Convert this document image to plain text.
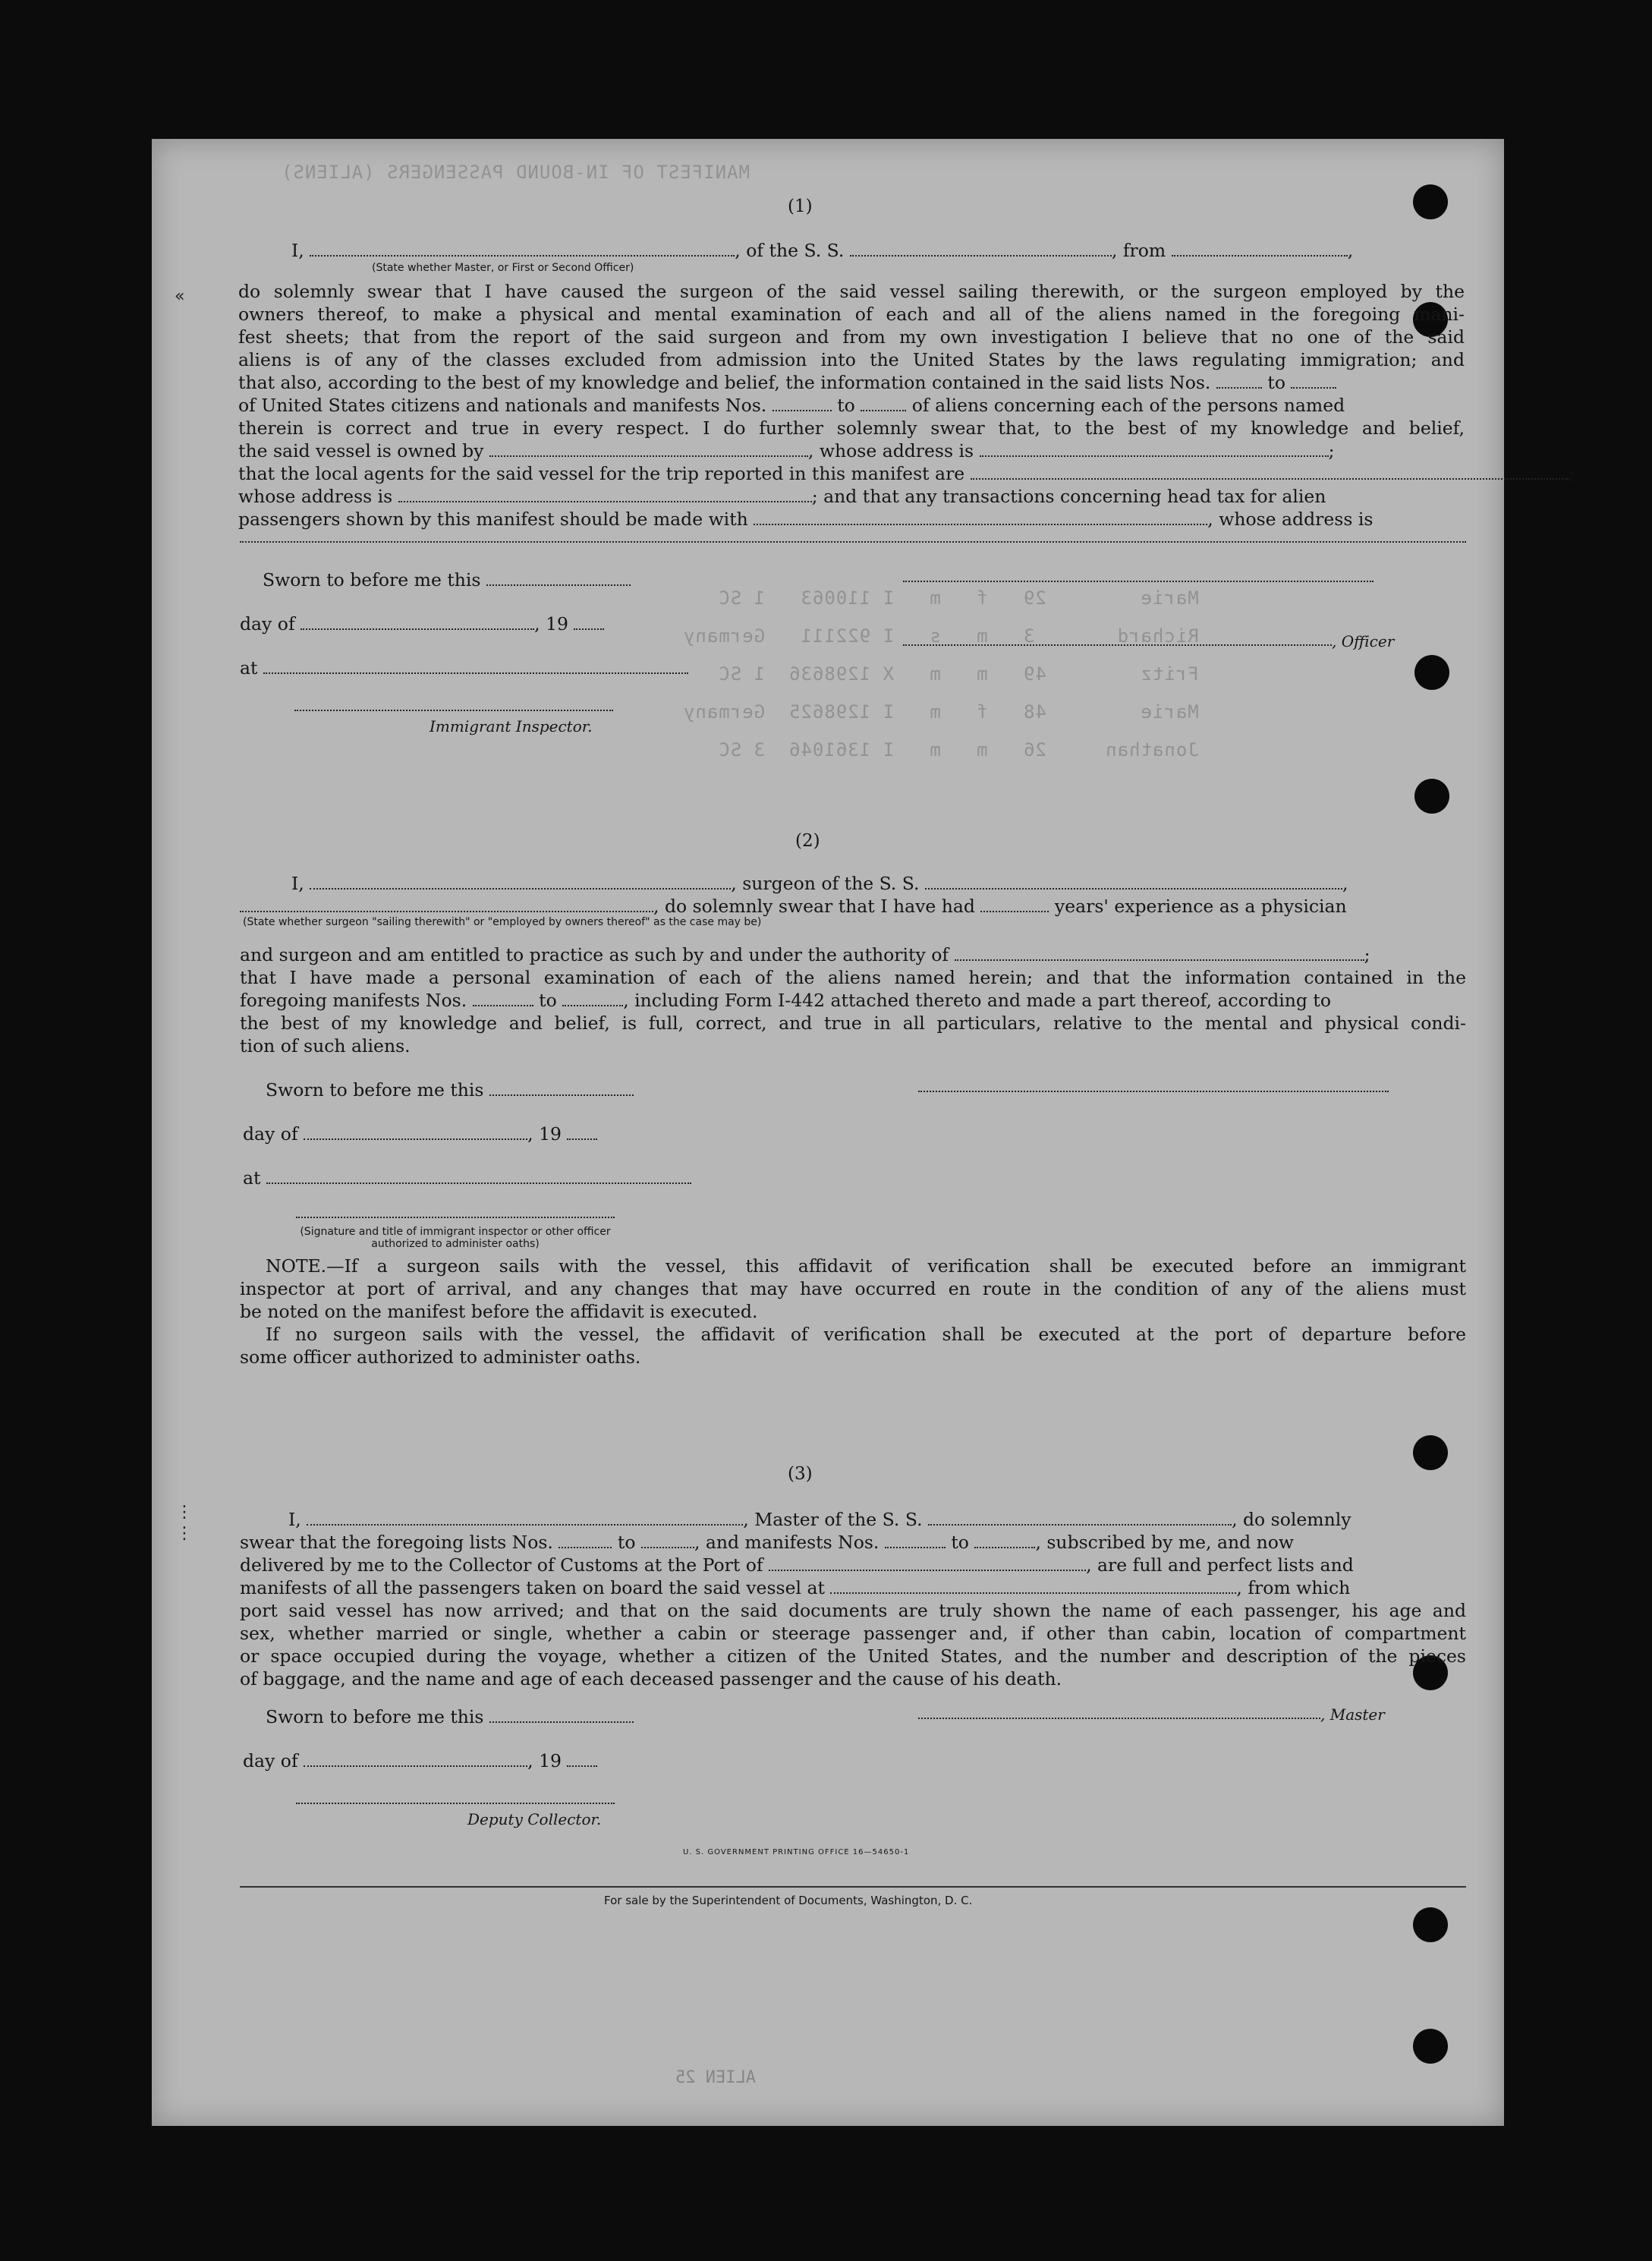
MANIFEST OF IN-BOUND PASSENGERS (ALIENS)

Marie        29   f   m   I 110063   1 SC
Richard       3   m   s   I 922111   Germany
Fritz        49   m   m   X 1298636  1 SC
Marie        48   f   m   I 1298625  Germany
Jonathan     26   m   m   I 1361046  3 SC
«
⋮
⋮
(1)
I,	, of the S. S.	, from	,
(State whether Master, or First or Second Officer)
do solemnly swear that I have caused the surgeon of the said vessel sailing therewith, or the surgeon employed by the
owners thereof, to make a physical and mental examination of each and all of the aliens named in the foregoing mani-
fest sheets; that from the report of the said surgeon and from my own investigation I believe that no one of the said
aliens is of any of the classes excluded from admission into the United States by the laws regulating immigration; and
that also, according to the best of my knowledge and belief, the information contained in the said lists Nos.	to
of United States citizens and nationals and manifests Nos.	to	of aliens concerning each of the persons named
therein is correct and true in every respect. I do further solemnly swear that, to the best of my knowledge and belief,
the said vessel is owned by	, whose address is	;
that the local agents for the said vessel for the trip reported in this manifest are	;
whose address is	; and that any transactions concerning head tax for alien
passengers shown by this manifest should be made with	, whose address is
Sworn to before me this
day of	, 19
, Officer
at
Immigrant Inspector.
(2)
I,	, surgeon of the S. S.	,
, do solemnly swear that I have had	years' experience as a physician
(State whether surgeon "sailing therewith" or "employed by owners thereof" as the case may be)
and surgeon and am entitled to practice as such by and under the authority of	;
that I have made a personal examination of each of the aliens named herein; and that the information contained in the
foregoing manifests Nos.	to	, including Form I-442 attached thereto and made a part thereof, according to
the best of my knowledge and belief, is full, correct, and true in all particulars, relative to the mental and physical condi-
tion of such aliens.
Sworn to before me this
day of	, 19
at
(Signature and title of immigrant inspector or other officer authorized to administer oaths)
NOTE.—If a surgeon sails with the vessel, this affidavit of verification shall be executed before an immigrant
inspector at port of arrival, and any changes that may have occurred en route in the condition of any of the aliens must
be noted on the manifest before the affidavit is executed.
If no surgeon sails with the vessel, the affidavit of verification shall be executed at the port of departure before
some officer authorized to administer oaths.
(3)
I,	, Master of the S. S.	, do solemnly
swear that the foregoing lists Nos.	to	, and manifests Nos.	to	, subscribed by me, and now
delivered by me to the Collector of Customs at the Port of	, are full and perfect lists and
manifests of all the passengers taken on board the said vessel at	, from which
port said vessel has now arrived; and that on the said documents are truly shown the name of each passenger, his age and
sex, whether married or single, whether a cabin or steerage passenger and, if other than cabin, location of compartment
or space occupied during the voyage, whether a citizen of the United States, and the number and description of the pieces
of baggage, and the name and age of each deceased passenger and the cause of his death.
Sworn to before me this	, Master
day of	, 19
Deputy Collector.
U. S. GOVERNMENT PRINTING OFFICE 16—54650-1
For sale by the Superintendent of Documents, Washington, D. C.
ALIEN 25
